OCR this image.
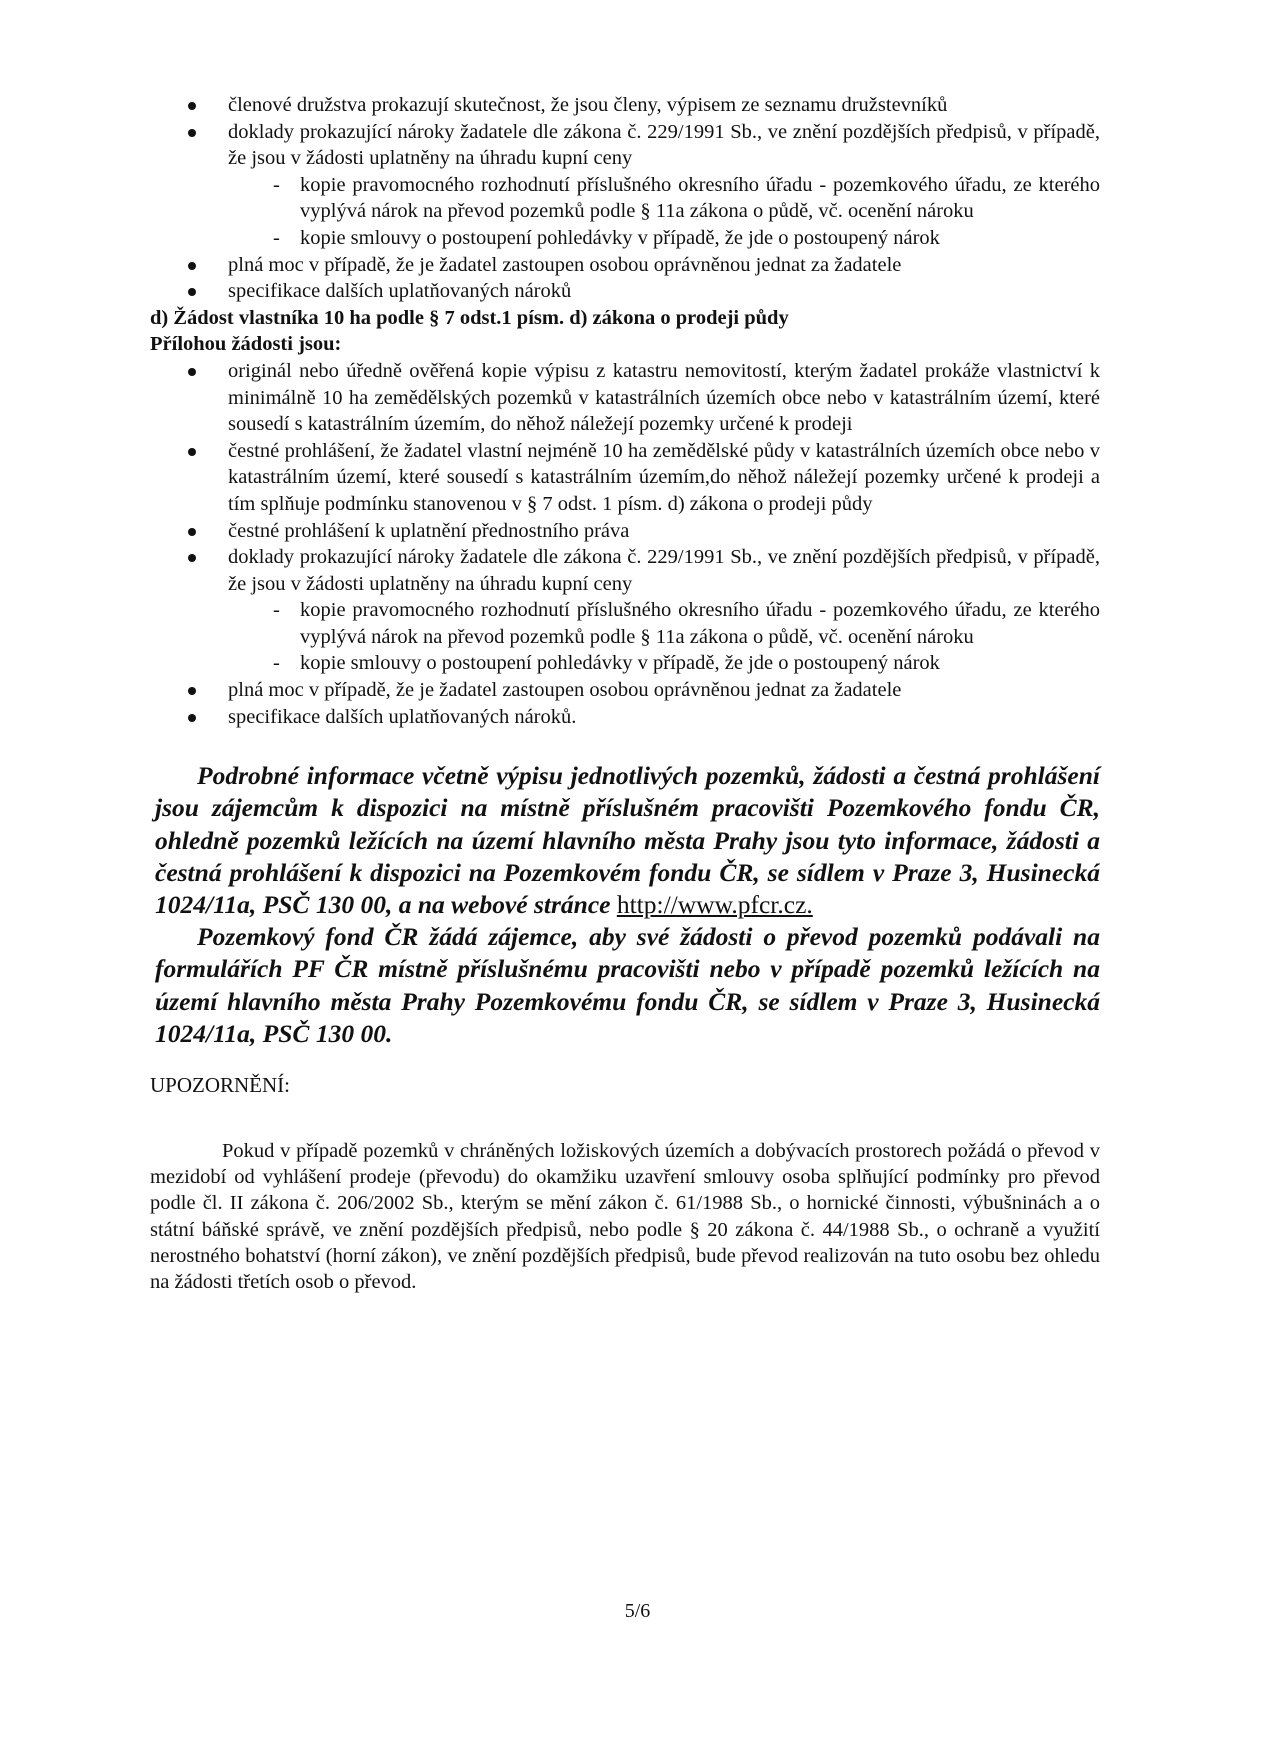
členové družstva prokazují skutečnost, že jsou členy, výpisem ze seznamu družstevníků
doklady prokazující nároky žadatele dle zákona č. 229/1991 Sb., ve znění pozdějších předpisů, v případě, že jsou v žádosti uplatněny na úhradu kupní ceny
- kopie pravomocného rozhodnutí příslušného okresního úřadu - pozemkového úřadu, ze kterého vyplývá nárok na převod pozemků podle § 11a zákona o půdě, vč. ocenění nároku
- kopie smlouvy o postoupení pohledávky v případě, že jde o postoupený nárok
plná moc v případě, že je žadatel zastoupen osobou oprávněnou jednat za žadatele
specifikace dalších uplatňovaných nároků
d) Žádost vlastníka 10 ha podle § 7 odst.1 písm. d) zákona o prodeji půdy
Přílohou žádosti jsou:
originál nebo úředně ověřená kopie výpisu z katastru nemovitostí, kterým žadatel prokáže vlastnictví k minimálně 10 ha zemědělských pozemků v katastrálních územích obce nebo v katastrálním území, které sousedí s katastrálním územím, do něhož náležejí pozemky určené k prodeji
čestné prohlášení, že žadatel vlastní nejméně 10 ha zemědělské půdy v katastrálních územích obce nebo v katastrálním území, které sousedí s katastrálním územím,do něhož náležejí pozemky určené k prodeji a tím splňuje podmínku stanovenou v § 7 odst. 1 písm. d) zákona o prodeji půdy
čestné prohlášení k uplatnění přednostního práva
doklady prokazující nároky žadatele dle zákona č. 229/1991 Sb., ve znění pozdějších předpisů, v případě, že jsou v žádosti uplatněny na úhradu kupní ceny
- kopie pravomocného rozhodnutí příslušného okresního úřadu - pozemkového úřadu, ze kterého vyplývá nárok na převod pozemků podle § 11a zákona o půdě, vč. ocenění nároku
- kopie smlouvy o postoupení pohledávky v případě, že jde o postoupený nárok
plná moc v případě, že je žadatel zastoupen osobou oprávněnou jednat za žadatele
specifikace dalších uplatňovaných nároků.

Podrobné informace včetně výpisu jednotlivých pozemků, žádosti a čestná prohlášení jsou zájemcům k dispozici na místně příslušném pracovišti Pozemkového fondu ČR, ohledně pozemků ležících na území hlavního města Prahy jsou tyto informace, žádosti a čestná prohlášení k dispozici na Pozemkovém fondu ČR, se sídlem v Praze 3, Husinecká 1024/11a, PSČ 130 00, a na webové stránce http://www.pfcr.cz.

Pozemkový fond ČR žádá zájemce, aby své žádosti o převod pozemků podávali na formulářích PF ČR místně příslušnému pracovišti nebo v případě pozemků ležících na území hlavního města Prahy Pozemkovému fondu ČR, se sídlem v Praze 3, Husinecká 1024/11a, PSČ 130 00.

UPOZORNĚNÍ:

Pokud v případě pozemků v chráněných ložiskových územích a dobývacích prostorech požádá o převod v mezidobí od vyhlášení prodeje (převodu) do okamžiku uzavření smlouvy osoba splňující podmínky pro převod podle čl. II zákona č. 206/2002 Sb., kterým se mění zákon č. 61/1988 Sb., o hornické činnosti, výbušninách a o státní báňské správě, ve znění pozdějších předpisů, nebo podle § 20 zákona č. 44/1988 Sb., o ochraně a využití nerostného bohatství (horní zákon), ve znění pozdějších předpisů, bude převod realizován na tuto osobu bez ohledu na žádosti třetích osob o převod.

5/6
